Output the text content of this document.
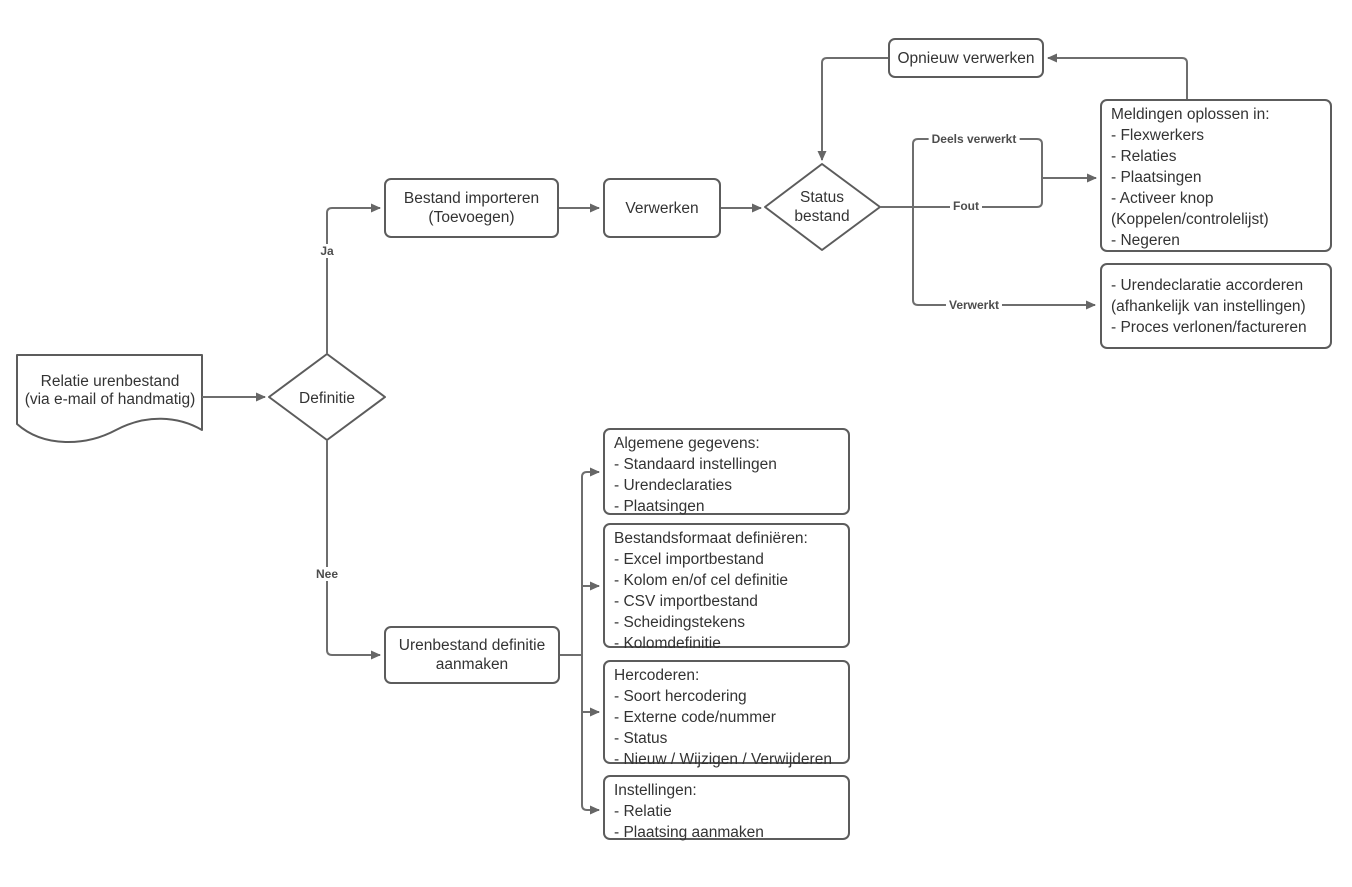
Relatie urenbestand
(via e-mail of handmatig)	Definitie
Status
bestand
Bestand importeren
(Toevoegen)
Verwerken
Opnieuw verwerken
Meldingen oplossen in:
- Flexwerkers
- Relaties
- Plaatsingen
- Activeer knop
(Koppelen/controlelijst)
- Negeren
- Urendeclaratie accorderen
(afhankelijk van instellingen)
- Proces verlonen/factureren
Urenbestand definitie
aanmaken
Algemene gegevens:
- Standaard instellingen
- Urendeclaraties
- Plaatsingen
Bestandsformaat definiëren:
- Excel importbestand
- Kolom en/of cel definitie
- CSV importbestand
- Scheidingstekens
- Kolomdefinitie
Hercoderen:
- Soort hercodering
- Externe code/nummer
- Status
- Nieuw / Wijzigen / Verwijderen
Instellingen:
- Relatie
- Plaatsing aanmaken
Ja
Nee
Deels verwerkt
Fout
Verwerkt
